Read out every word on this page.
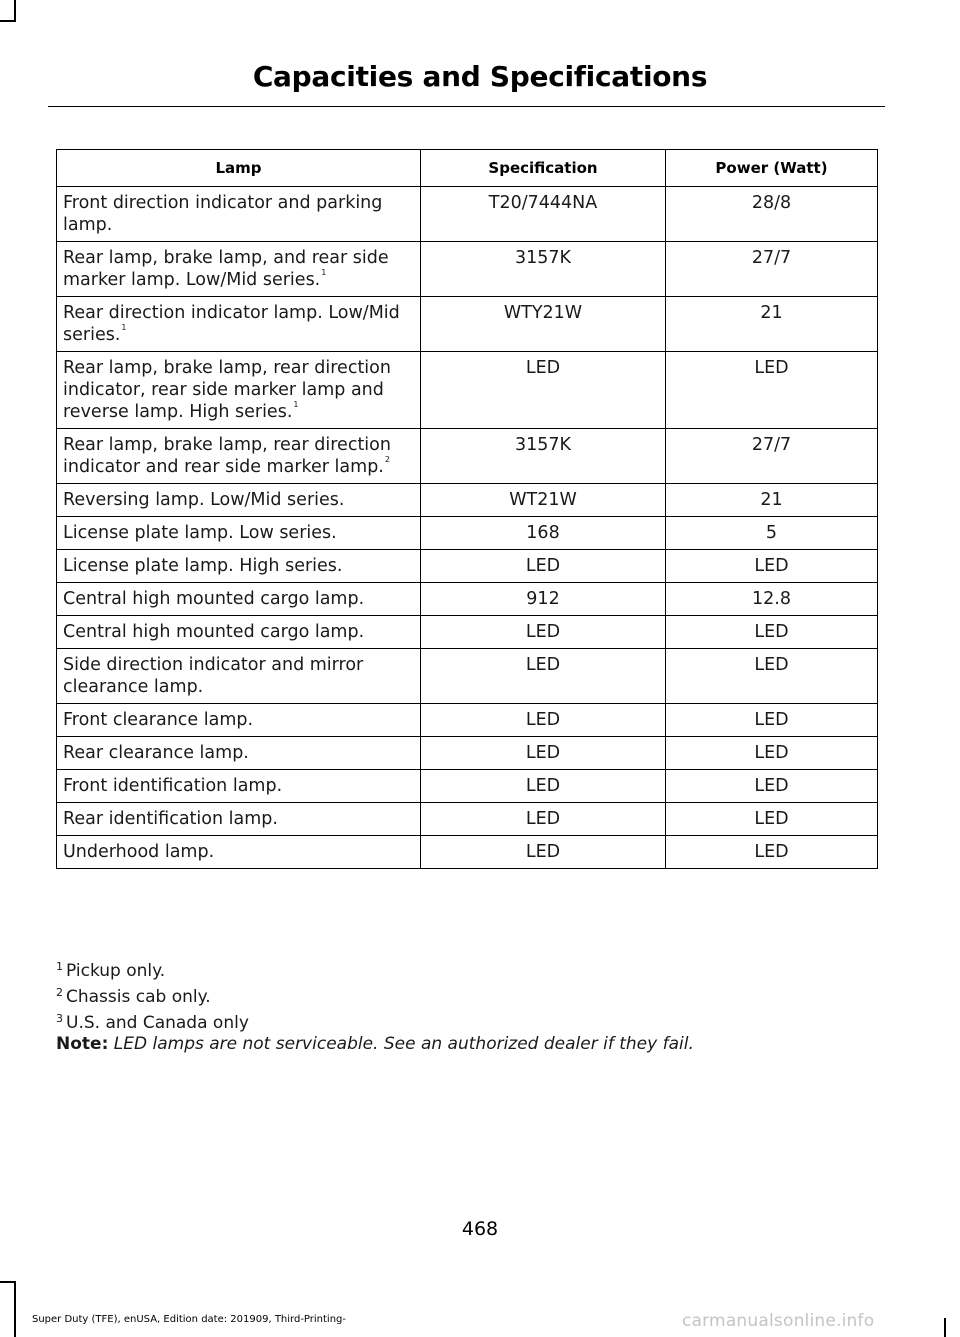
Capacities and Specifications
Lamp	Specification	Power (Watt)
Front direction indicator and parking lamp.	T20/7444NA	28/8
Rear lamp, brake lamp, and rear side marker lamp. Low/Mid series.$^1$	3157K	27/7
Rear direction indicator lamp. Low/Mid series.$^1$	WTY21W	21
Rear lamp, brake lamp, rear direction indicator, rear side marker lamp and reverse lamp. High series.$^1$	LED	LED
Rear lamp, brake lamp, rear direction indicator and rear side marker lamp.$^2$	3157K	27/7
Reversing lamp. Low/Mid series.	WT21W	21
License plate lamp. Low series.	168	5
License plate lamp. High series.	LED	LED
Central high mounted cargo lamp.	912	12.8
Central high mounted cargo lamp.	LED	LED
Side direction indicator and mirror clearance lamp.	LED	LED
Front clearance lamp.	LED	LED
Rear clearance lamp.	LED	LED
Front identification lamp.	LED	LED
Rear identification lamp.	LED	LED
Underhood lamp.	LED	LED
$^1$ Pickup only.
$^2$ Chassis cab only.
$^3$ U.S. and Canada only
Note: LED lamps are not serviceable. See an authorized dealer if they fail.
468
Super Duty (TFE), enUSA, Edition date: 201909, Third-Printing-	carmanualsonline.info
